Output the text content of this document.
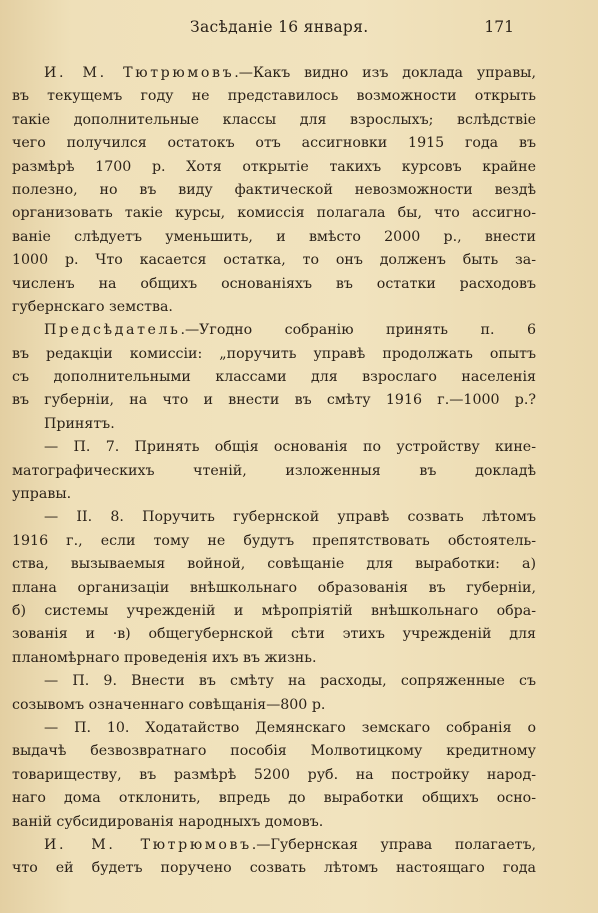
Засѣданіе 16 января.	171
И. М. Тютрюмовъ.—Какъ видно изъ доклада управы,
въ текущемъ году не представилось возможности открыть
такіе дополнительные классы для взрослыхъ; вслѣдствіе
чего получился остатокъ отъ ассигновки 1915 года въ
размѣрѣ 1700 р. Хотя открытіе такихъ курсовъ крайне
полезно, но въ виду фактической невозможности вездѣ
организовать такіе курсы, комиссія полагала бы, что ассигно-
ваніе слѣдуетъ уменьшить, и вмѣсто 2000 р., внести
1000 р. Что касается остатка, то онъ долженъ быть за-
численъ на общихъ основаніяхъ въ остатки расходовъ
губернскаго земства.
Предсѣдатель.—Угодно собранію принять п. 6
въ редакціи комиссіи: „поручить управѣ продолжать опытъ
съ дополнительными классами для взрослаго населенія
въ губерніи, на что и внести въ смѣту 1916 г.—1000 р.?
Принятъ.
— П. 7. Принять общія основанія по устройству кине-
матографическихъ чтеній, изложенныя въ докладѣ
управы.
— II. 8. Поручить губернской управѣ созвать лѣтомъ
1916 г., если тому не будутъ препятствовать обстоятель-
ства, вызываемыя войной, совѣщаніе для выработки: а)
плана организаціи внѣшкольнаго образованія въ губерніи,
б) системы учрежденій и мѣропріятій внѣшкольнаго обра-
зованія и ·в) общегубернской сѣти этихъ учрежденій для
планомѣрнаго проведенія ихъ въ жизнь.
— П. 9. Внести въ смѣту на расходы, сопряженные съ
созывомъ означеннаго совѣщанія—800 р.
— П. 10. Ходатайство Демянскаго земскаго собранія о
выдачѣ безвозвратнаго пособія Молвотицкому кредитному
товариществу, въ размѣрѣ 5200 руб. на постройку народ-
наго дома отклонить, впредь до выработки общихъ осно-
ваній субсидированія народныхъ домовъ.
И. М. Тютрюмовъ.—Губернская управа полагаетъ,
что ей будетъ поручено созвать лѣтомъ настоящаго года
